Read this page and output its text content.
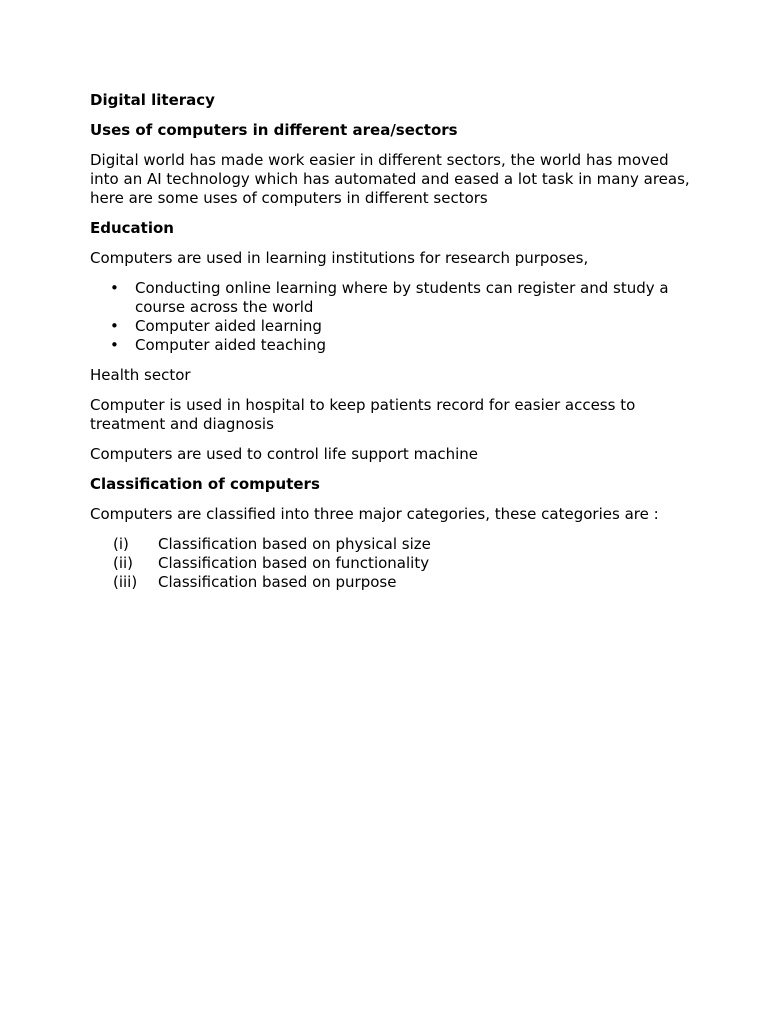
Digital literacy

Uses of computers in different area/sectors

Digital world has made work easier in different sectors, the world has moved into an AI technology which has automated and eased a lot task in many areas, here are some uses of computers in different sectors

Education

Computers are used in learning institutions for research purposes,

• Conducting online learning where by students can register and study a course across the world
• Computer aided learning
• Computer aided teaching

Health sector

Computer is used in hospital to keep patients record for easier access to treatment and diagnosis

Computers are used to control life support machine

Classification of computers

Computers are classified into three major categories, these categories are :

(i) Classification based on physical size
(ii) Classification based on functionality
(iii) Classification based on purpose
